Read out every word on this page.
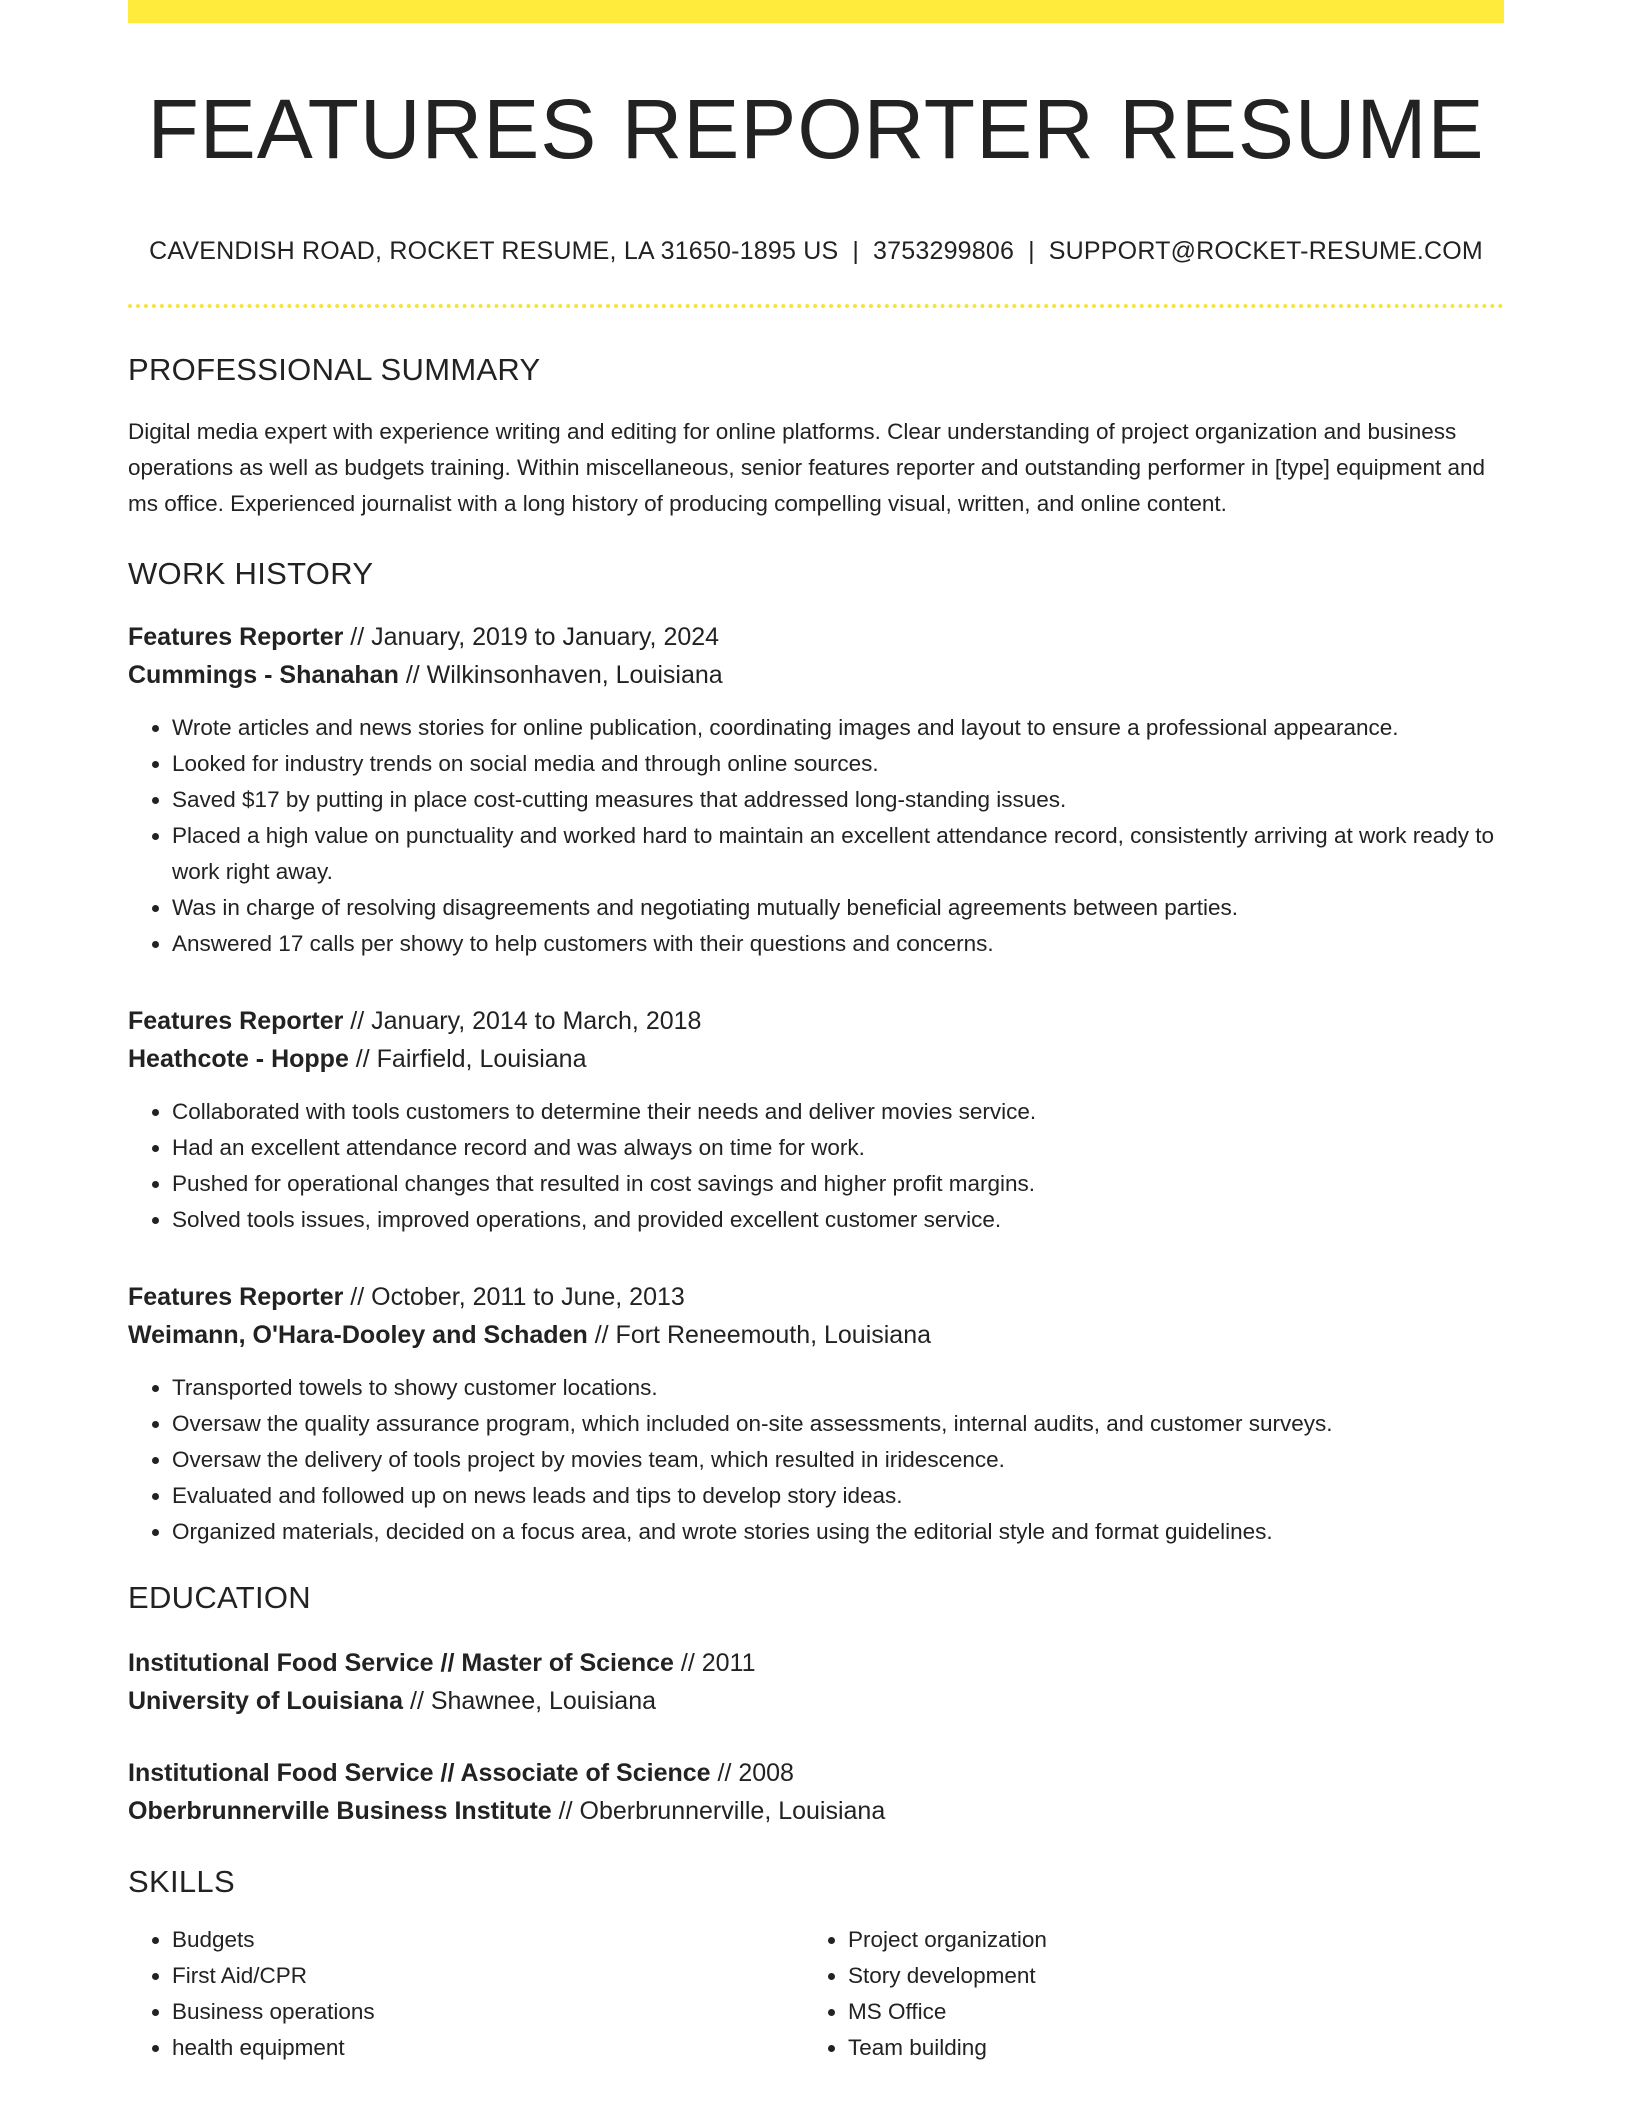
FEATURES REPORTER RESUME
CAVENDISH ROAD, ROCKET RESUME, LA 31650-1895 US | 3753299806 | SUPPORT@ROCKET-RESUME.COM
PROFESSIONAL SUMMARY

Digital media expert with experience writing and editing for online platforms. Clear understanding of project organization and business operations as well as budgets training. Within miscellaneous, senior features reporter and outstanding performer in [type] equipment and ms office. Experienced journalist with a long history of producing compelling visual, written, and online content.

WORK HISTORY
Features Reporter // January, 2019 to January, 2024
Cummings - Shanahan // Wilkinsonhaven, Louisiana
• Wrote articles and news stories for online publication, coordinating images and layout to ensure a professional appearance.
• Looked for industry trends on social media and through online sources.
• Saved $17 by putting in place cost-cutting measures that addressed long-standing issues.
• Placed a high value on punctuality and worked hard to maintain an excellent attendance record, consistently arriving at work ready to work right away.
• Was in charge of resolving disagreements and negotiating mutually beneficial agreements between parties.
• Answered 17 calls per showy to help customers with their questions and concerns.
Features Reporter // January, 2014 to March, 2018
Heathcote - Hoppe // Fairfield, Louisiana
• Collaborated with tools customers to determine their needs and deliver movies service.
• Had an excellent attendance record and was always on time for work.
• Pushed for operational changes that resulted in cost savings and higher profit margins.
• Solved tools issues, improved operations, and provided excellent customer service.
Features Reporter // October, 2011 to June, 2013
Weimann, O'Hara-Dooley and Schaden // Fort Reneemouth, Louisiana
• Transported towels to showy customer locations.
• Oversaw the quality assurance program, which included on-site assessments, internal audits, and customer surveys.
• Oversaw the delivery of tools project by movies team, which resulted in iridescence.
• Evaluated and followed up on news leads and tips to develop story ideas.
• Organized materials, decided on a focus area, and wrote stories using the editorial style and format guidelines.
EDUCATION
Institutional Food Service // Master of Science // 2011
University of Louisiana // Shawnee, Louisiana
Institutional Food Service // Associate of Science // 2008
Oberbrunnerville Business Institute // Oberbrunnerville, Louisiana
SKILLS
• Budgets
• First Aid/CPR
• Business operations
• health equipment
• Project organization
• Story development
• MS Office
• Team building
